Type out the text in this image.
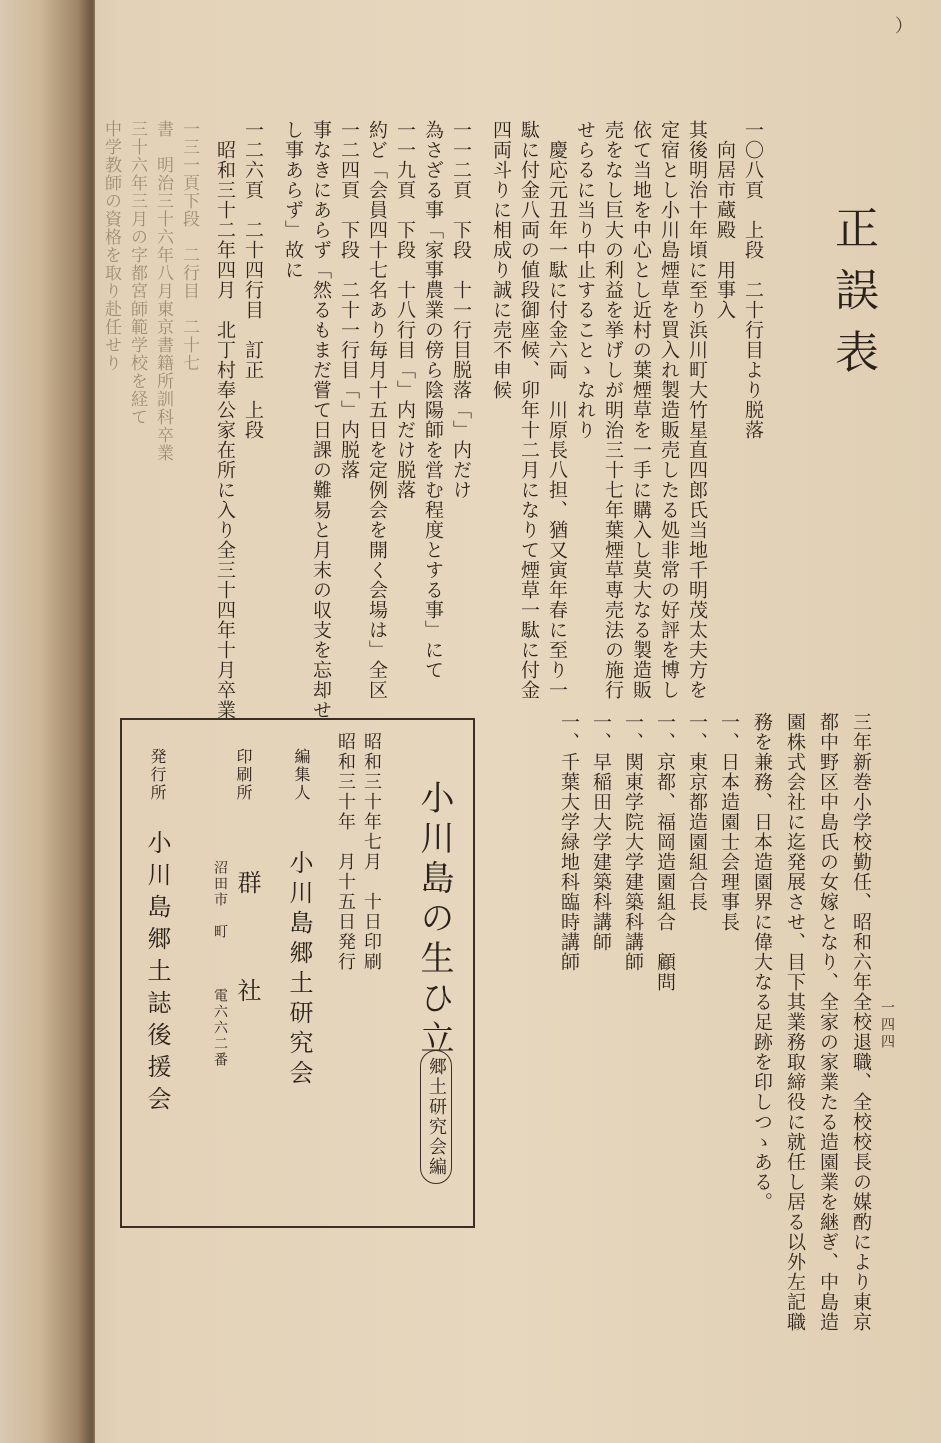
）
正誤表
一四四
三年新巻小学校勤任、昭和六年全校退職、全校校長の媒酌により東京
都中野区中島氏の女嫁となり、全家の家業たる造園業を継ぎ、中島造
園株式会社に迄発展させ、目下其業務取締役に就任し居る以外左記職
務を兼務、日本造園界に偉大なる足跡を印しつゝある。
一、日本造園士会理事長
一、東京都造園組合長
一、京都、福岡造園組合　顧問
一、関東学院大学建築科講師
一、早稲田大学建築科講師
一、千葉大学緑地科臨時講師
一〇八頁　上段　二十行目より脱落
　向居市蔵殿　用事入
其後明治十年頃に至り浜川町大竹星直四郎氏当地千明茂太夫方を
定宿とし小川島煙草を買入れ製造販売したる処非常の好評を博し
依て当地を中心とし近村の葉煙草を一手に購入し莫大なる製造販
売をなし巨大の利益を挙げしが明治三十七年葉煙草専売法の施行
せらるに当り中止することゝなれり
　慶応元丑年一駄に付金六両　川原長八担、猶又寅年春に至り一
駄に付金八両の値段御座候、卯年十二月になりて煙草一駄に付金
四両斗りに相成り誠に売不申候
一一二頁　下段　十一行目脱落「」内だけ
為さざる事「家事農業の傍ら陰陽師を営む程度とする事」にて
一一九頁　下段　十八行目「」内だけ脱落
約ど「会員四十七名あり毎月十五日を定例会を開く会場は」全区
一二四頁　下段　二十一行目「」内脱落
事なきにあらず「然るもまだ嘗て日課の難易と月末の収支を忘却せ
し事あらず」故に
一二六頁　二十四行目　訂正　上段
　昭和三十二年四月　北丁村奉公家在所に入り全三十四年十月卒業
一三一頁下段　二行目　二十七
書　明治三十六年八月東京書籍所訓科卒業
三十六年三月の字都宮師範学校を経て
中学教師の資格を取り赴任せり
小川島の生ひ立
郷土研究会編
昭和三十年七月　十日印刷
昭和三十年　月十五日発行
編集人
小川島郷土研究会
印刷所
群　社
沼田市　町
電六六二番
発行所
小川島郷土誌後援会
